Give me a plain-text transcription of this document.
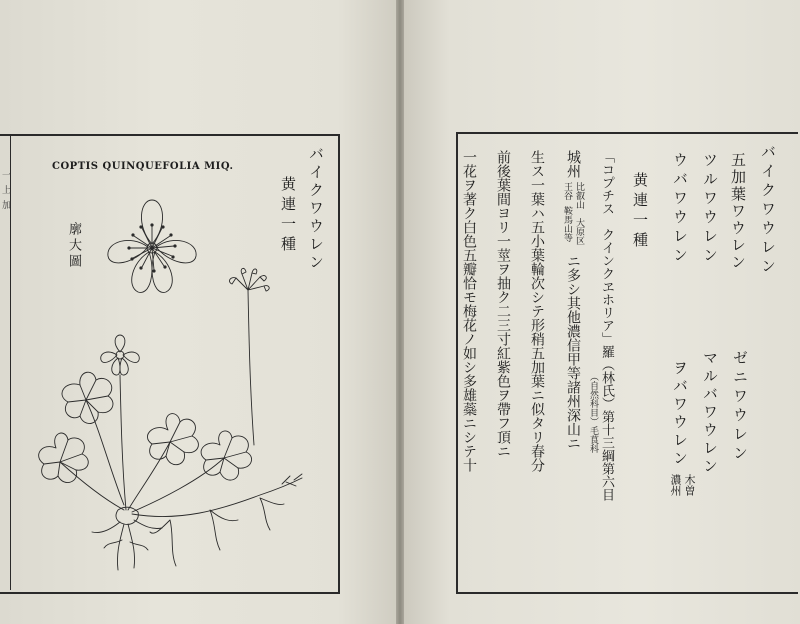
COPTIS QUINQUEFOLIA MIQ.	バイクワウレン

黄連一種

廓大圖

一上加	バイクワウレン

五加葉ワウレン

ツルワウレン

ウバワウレン

ゼニワウレン

マルバワウレン

ヲバワウレン

木曽

濃州

黄連一種

「コプチス　クインクヱホリア」羅（林氏）第十三綱第六目

（自然科目）毛茛科

城州

比叡山

王谷

大原区

鞍馬山等

ニ多シ其他濃信甲等諸州深山ニ

生ス一葉ハ五小葉輪次シテ形稍五加葉ニ似タリ春分

前後葉間ヨリ一莖ヲ抽ク二三寸紅紫色ヲ帶フ頂ニ

一花ヲ著ク白色五瓣恰モ梅花ノ如シ多雄蘂ニシテ十
